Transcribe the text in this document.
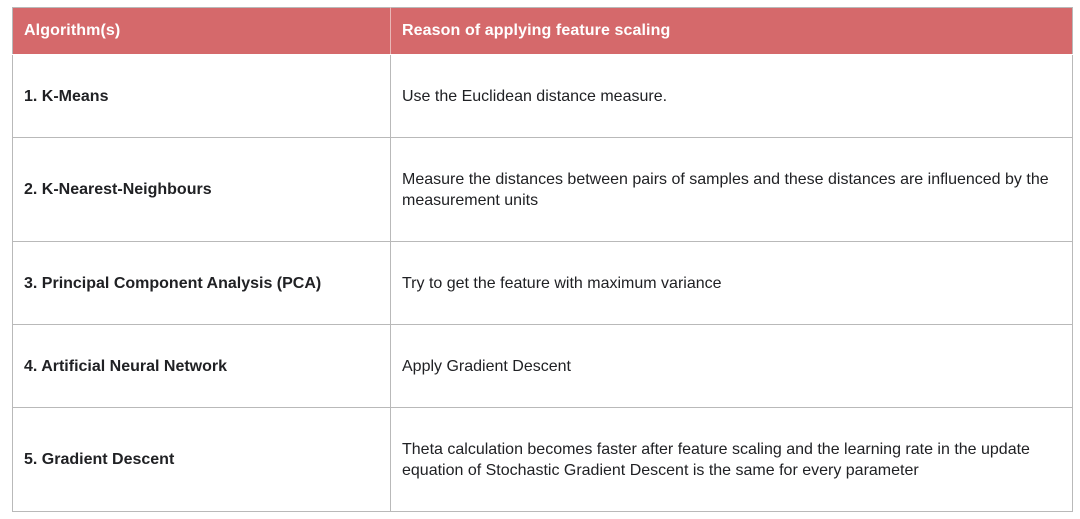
Algorithm(s)	Reason of applying feature scaling
1. K-Means	Use the Euclidean distance measure.
2. K-Nearest-Neighbours	Measure the distances between pairs of samples and these distances are influenced by the measurement units
3. Principal Component Analysis (PCA)	Try to get the feature with maximum variance
4. Artificial Neural Network	Apply Gradient Descent
5. Gradient Descent	Theta calculation becomes faster after feature scaling and the learning rate in the update equation of Stochastic Gradient Descent is the same for every parameter
